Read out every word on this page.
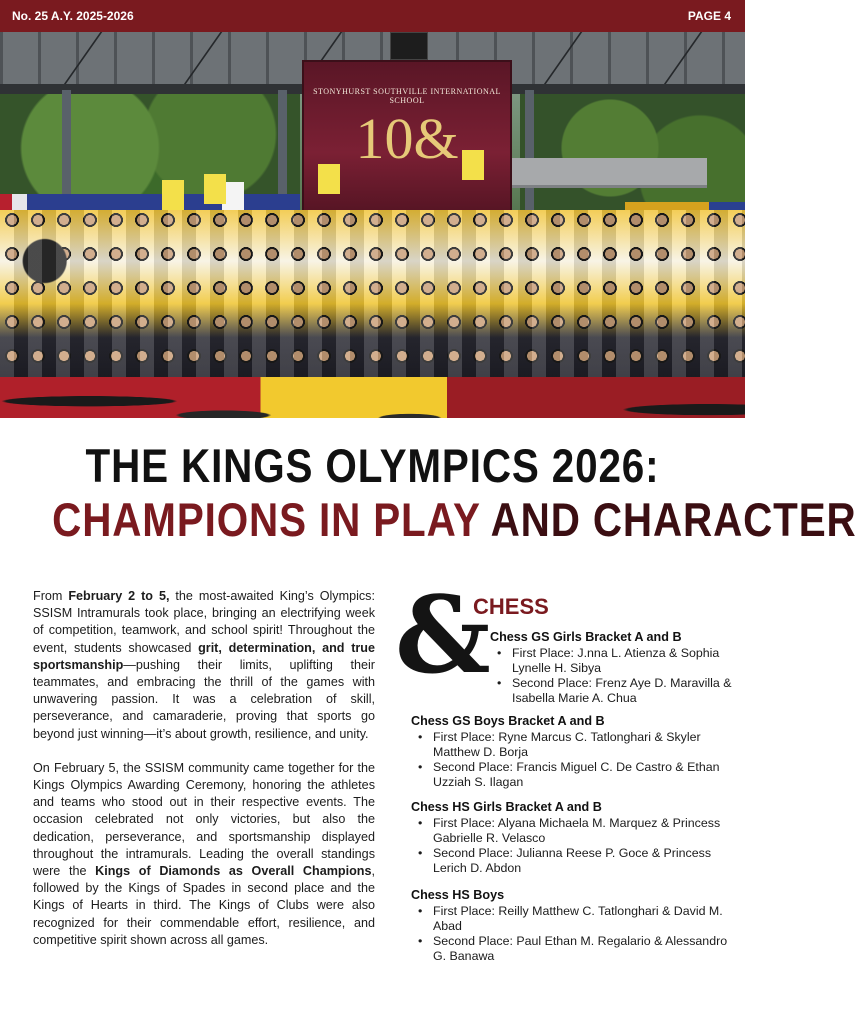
No. 25 A.Y. 2025-2026	PAGE 4
STONYHURST SOUTHVILLE INTERNATIONAL SCHOOL
10&
THE KINGS OLYMPICS 2026:
CHAMPIONS IN PLAY AND CHARACTER

From February 2 to 5, the most-awaited King’s Olympics: SSISM Intramurals took place, bringing an electrifying week of competition, teamwork, and school spirit! Throughout the event, students showcased grit, determination, and true sportsmanship—pushing their limits, uplifting their teammates, and embracing the thrill of the games with unwavering passion. It was a celebration of skill, perseverance, and camaraderie, proving that sports go beyond just winning—it’s about growth, resilience, and unity.

On February 5, the SSISM community came together for the Kings Olympics Awarding Ceremony, honoring the athletes and teams who stood out in their respective events. The occasion celebrated not only victories, but also the dedication, perseverance, and sportsmanship displayed throughout the intramurals. Leading the overall standings were the Kings of Diamonds as Overall Champions, followed by the Kings of Spades in second place and the Kings of Hearts in third. The Kings of Clubs were also recognized for their commendable effort, resilience, and competitive spirit shown across all games.

&
CHESS
Chess GS Girls Bracket A and B
• First Place: J.nna L. Atienza & Sophia Lynelle H. Sibya
• Second Place: Frenz Aye D. Maravilla & Isabella Marie A. Chua
Chess GS Boys Bracket A and B
• First Place: Ryne Marcus C. Tatlonghari & Skyler Matthew D. Borja
• Second Place: Francis Miguel C. De Castro & Ethan Uzziah S. Ilagan
Chess HS Girls Bracket A and B
• First Place: Alyana Michaela M. Marquez & Princess Gabrielle R. Velasco
• Second Place: Julianna Reese P. Goce & Princess Lerich D. Abdon
Chess HS Boys
• First Place: Reilly Matthew C. Tatlonghari & David M. Abad
• Second Place: Paul Ethan M. Regalario & Alessandro G. Banawa
